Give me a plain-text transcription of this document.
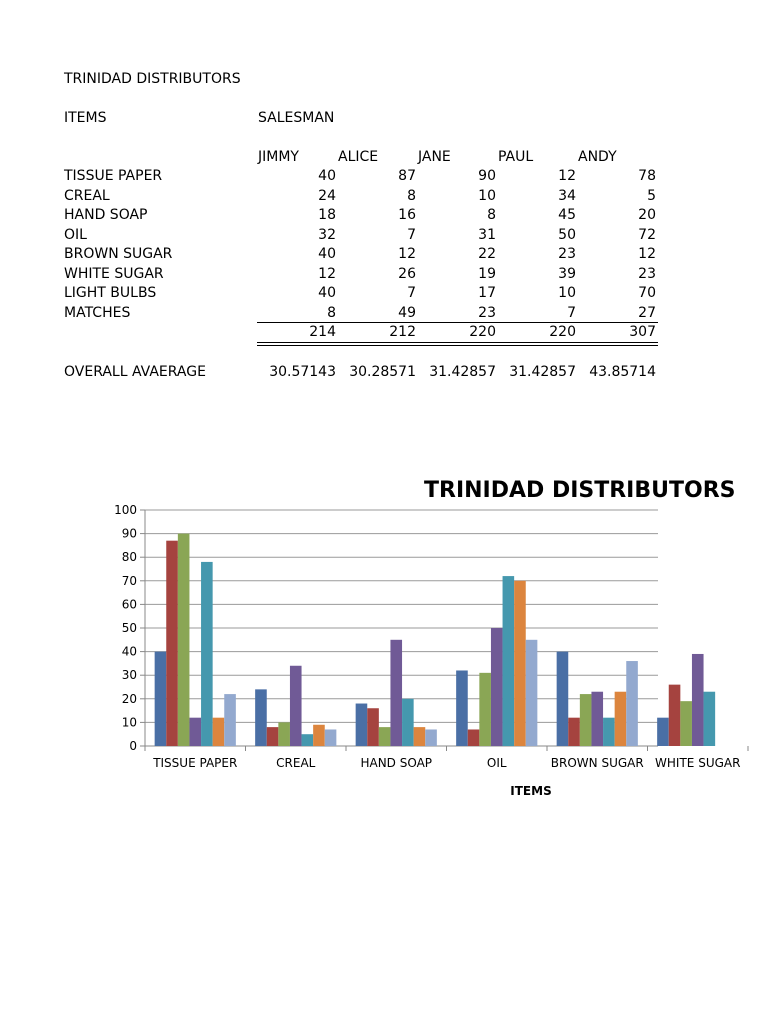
TRINIDAD DISTRIBUTORS
ITEMS	SALESMAN
JIMMY	ALICE	JANE	PAUL	ANDY
TISSUE PAPER	40	87	90	12	78
CREAL	24	8	10	34	5
HAND SOAP	18	16	8	45	20
OIL	32	7	31	50	72
BROWN SUGAR	40	12	22	23	12
WHITE SUGAR	12	26	19	39	23
LIGHT BULBS	40	7	17	10	70
MATCHES	8	49	23	7	27
214	212	220	220	307
OVERALL AVAERAGE	30.57143 30.28571 31.42857 31.42857 43.85714
TRINIDAD DISTRIBUTORS
0
10
20
30
40
50
60
70
80
90
100
TISSUE PAPER	CREAL	HAND SOAP	OIL	BROWN SUGAR WHITE SUGAR
ITEMS
